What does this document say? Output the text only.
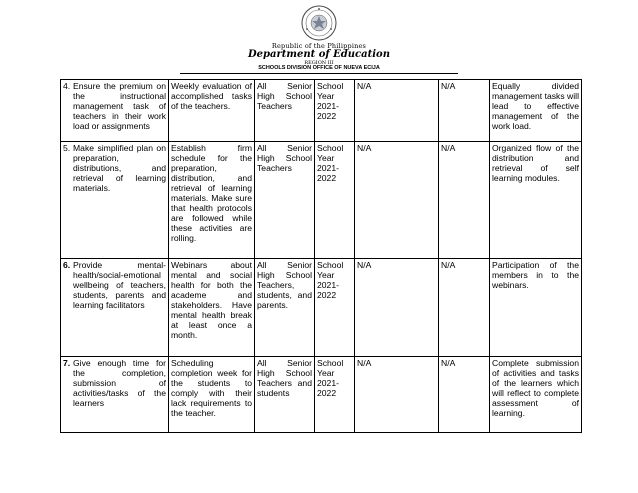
Republic of the Philippines
Department of Education
REGION III
SCHOOLS DIVISION OFFICE OF NUEVA ECIJA
4. Ensure the premium on the instructional management task of teachers in their work load or assignments	Weekly evaluation of accomplished tasks of the teachers.	All Senior High School Teachers	School Year 2021-2022	N/A	N/A	Equally divided management tasks will lead to effective management of the work load.

5. Make simplified plan on preparation, distributions, and retrieval of learning materials.	Establish firm schedule for the preparation, distribution, and retrieval of learning materials. Make sure that health protocols are followed while these activities are rolling.	All Senior High School Teachers	School Year 2021-2022	N/A	N/A	Organized flow of the distribution and retrieval of self learning modules.

6. Provide mental-health/social-emotional wellbeing of teachers, students, parents and learning facilitators	Webinars about mental and social health for both the academe and stakeholders. Have mental health break at least once a month.	All Senior High School Teachers, students, and parents.	School Year 2021-2022	N/A	N/A	Participation of the members in to the webinars.

7. Give enough time for the completion, submission of activities/tasks of the learners	Scheduling completion week for the students to comply with their lack requirements to the teacher.	All Senior High School Teachers and students	School Year 2021-2022	N/A	N/A	Complete submission of activities and tasks of the learners which will reflect to complete assessment of learning.
